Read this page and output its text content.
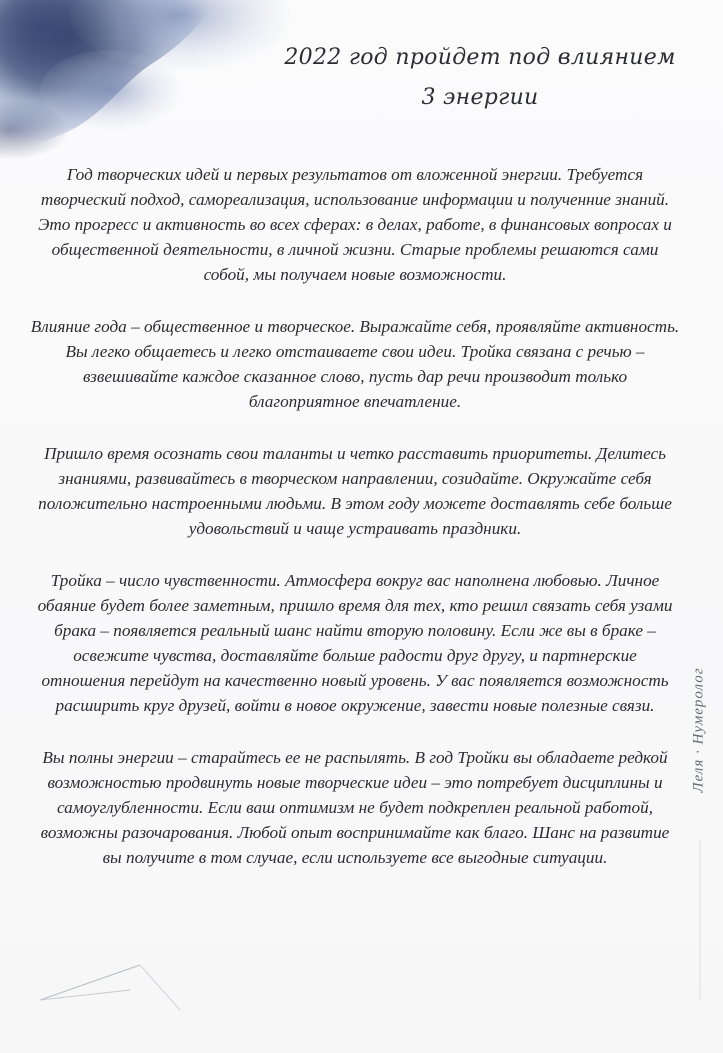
2022 год пройдет под влиянием
3 энергии

Год творческих идей и первых результатов от вложенной энергии. Требуется творческий подход, самореализация, использование информации и полученние знаний. Это прогресс и активность во всех сферах: в делах, работе, в финансовых вопросах и общественной деятельности, в личной жизни. Старые проблемы решаются сами собой, мы получаем новые возможности.

Влияние года – общественное и творческое. Выражайте себя, проявляйте активность. Вы легко общаетесь и легко отстаиваете свои идеи. Тройка связана с речью – взвешивайте каждое сказанное слово, пусть дар речи производит только благоприятное впечатление.

Пришло время осознать свои таланты и четко расставить приоритеты. Делитесь знаниями, развивайтесь в творческом направлении, созидайте. Окружайте себя положительно настроенными людьми. В этом году можете доставлять себе больше удовольствий и чаще устраивать праздники.

Тройка – число чувственности. Атмосфера вокруг вас наполнена любовью. Личное обаяние будет более заметным, пришло время для тех, кто решил связать себя узами брака – появляется реальный шанс найти вторую половину. Если же вы в браке – освежите чувства, доставляйте больше радости друг другу, и партнерские отношения перейдут на качественно новый уровень. У вас появляется возможность расширить круг друзей, войти в новое окружение, завести новые полезные связи.

Вы полны энергии – старайтесь ее не распылять. В год Тройки вы обладаете редкой возможностью продвинуть новые творческие идеи – это потребует дисциплины и самоуглубленности. Если ваш оптимизм не будет подкреплен реальной работой, возможны разочарования. Любой опыт воспринимайте как благо. Шанс на развитие вы получите в том случае, если используете все выгодные ситуации.

Леля · Нумеролог
